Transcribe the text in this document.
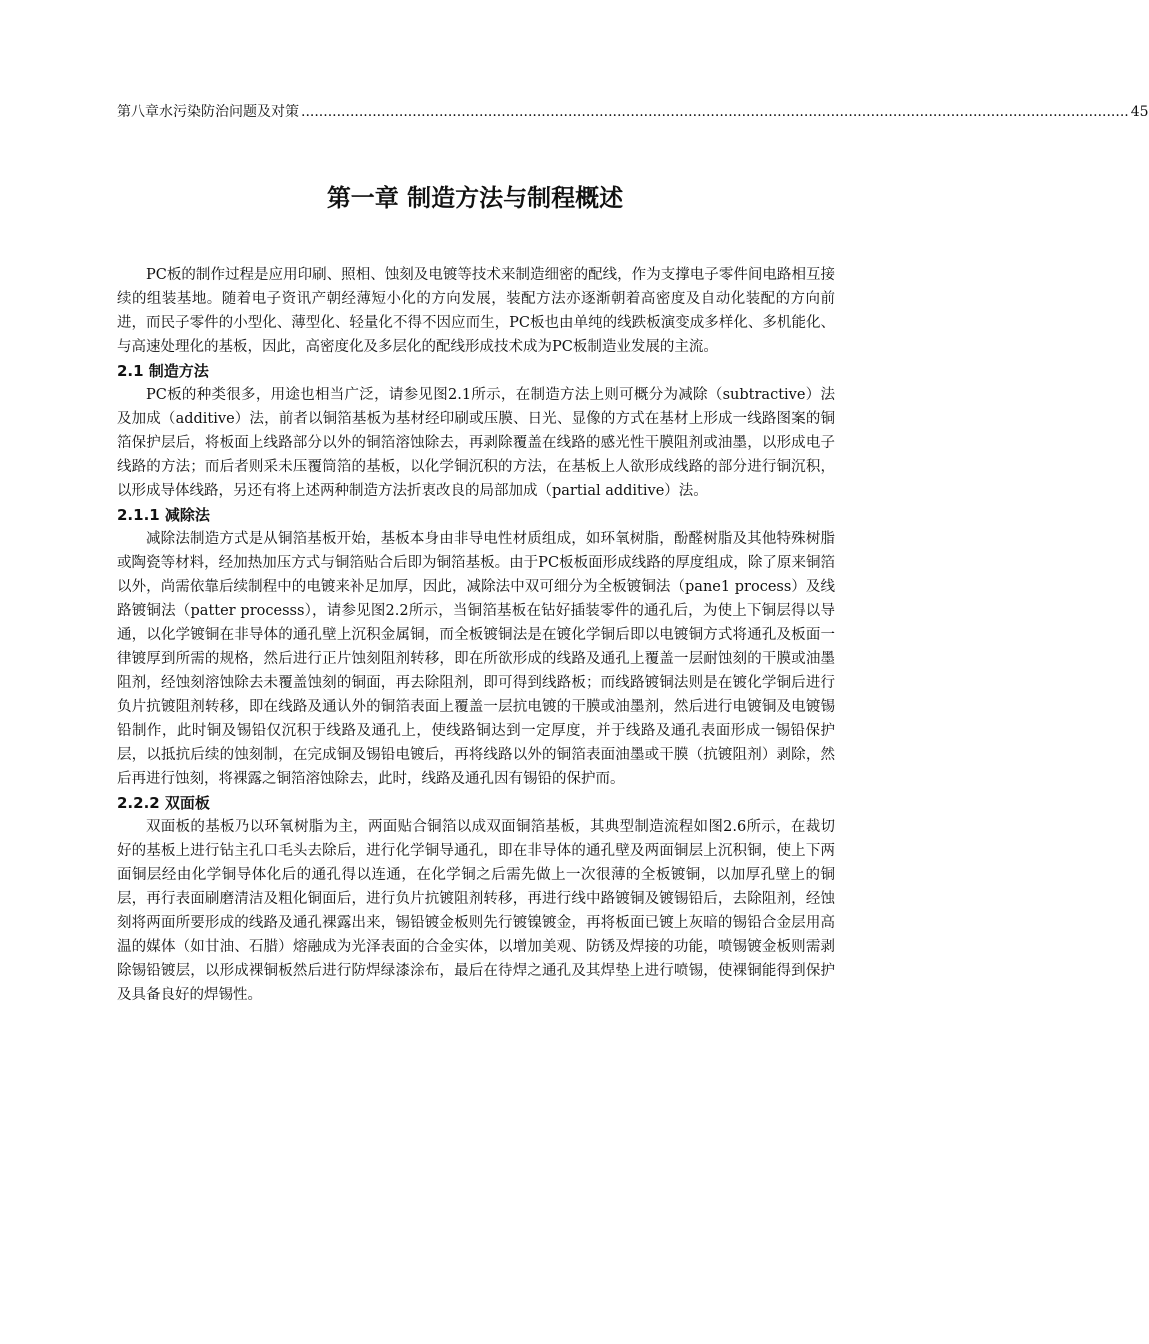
第八章 水污染防治问题及对策 .......................................................................................................................................................................................... 45
第一章 制造方法与制程概述

PC板的制作过程是应用印刷、照相、蚀刻及电镀等技术来制造细密的配线，作为支撑电子零件间电路相互接续的组装基地。随着电子资讯产朝经薄短小化的方向发展，装配方法亦逐渐朝着高密度及自动化装配的方向前进，而民子零件的小型化、薄型化、轻量化不得不因应而生，PC板也由单纯的线跌板演变成多样化、多机能化、与高速处理化的基板，因此，高密度化及多层化的配线形成技术成为PC板制造业发展的主流。

2.1 制造方法

PC板的种类很多，用途也相当广泛，请参见图2.1所示，在制造方法上则可概分为减除（subtractive）法及加成（additive）法，前者以铜箔基板为基材经印刷或压膜、日光、显像的方式在基材上形成一线路图案的铜箔保护层后，将板面上线路部分以外的铜箔溶蚀除去，再剥除覆盖在线路的感光性干膜阻剂或油墨，以形成电子线路的方法；而后者则采未压覆筒箔的基板，以化学铜沉积的方法，在基板上人欲形成线路的部分进行铜沉积，以形成导体线路，另还有将上述两种制造方法折衷改良的局部加成（partial additive）法。

2.1.1 减除法

减除法制造方式是从铜箔基板开始，基板本身由非导电性材质组成，如环氧树脂，酚醛树脂及其他特殊树脂或陶瓷等材料，经加热加压方式与铜箔贴合后即为铜箔基板。由于PC板板面形成线路的厚度组成，除了原来铜箔以外，尚需依靠后续制程中的电镀来补足加厚，因此，减除法中双可细分为全板镀铜法（pane1 process）及线路镀铜法（patter processs），请参见图2.2所示，当铜箔基板在钻好插装零件的通孔后，为使上下铜层得以导通，以化学镀铜在非导体的通孔壁上沉积金属铜，而全板镀铜法是在镀化学铜后即以电镀铜方式将通孔及板面一律镀厚到所需的规格，然后进行正片蚀刻阻剂转移，即在所欲形成的线路及通孔上覆盖一层耐蚀刻的干膜或油墨阻剂，经蚀刻溶蚀除去未覆盖蚀刻的铜面，再去除阻剂，即可得到线路板；而线路镀铜法则是在镀化学铜后进行负片抗镀阻剂转移，即在线路及通认外的铜箔表面上覆盖一层抗电镀的干膜或油墨剂，然后进行电镀铜及电镀锡铅制作，此时铜及锡铅仅沉积于线路及通孔上，使线路铜达到一定厚度，并于线路及通孔表面形成一锡铅保护层，以抵抗后续的蚀刻制，在完成铜及锡铅电镀后，再将线路以外的铜箔表面油墨或干膜（抗镀阻剂）剥除，然后再进行蚀刻，将裸露之铜箔溶蚀除去，此时，线路及通孔因有锡铅的保护而。

2.2.2 双面板

双面板的基板乃以环氧树脂为主，两面贴合铜箔以成双面铜箔基板，其典型制造流程如图2.6所示，在裁切好的基板上进行钻主孔口毛头去除后，进行化学铜导通孔，即在非导体的通孔壁及两面铜层上沉积铜，使上下两面铜层经由化学铜导体化后的通孔得以连通，在化学铜之后需先做上一次很薄的全板镀铜，以加厚孔壁上的铜层，再行表面刷磨清洁及粗化铜面后，进行负片抗镀阻剂转移，再进行线中路镀铜及镀锡铅后，去除阻剂，经蚀刻将两面所要形成的线路及通孔裸露出来，锡铅镀金板则先行镀镍镀金，再将板面已镀上灰暗的锡铅合金层用高温的媒体（如甘油、石腊）熔融成为光泽表面的合金实体，以增加美观、防锈及焊接的功能，喷锡镀金板则需剥除锡铅镀层，以形成裸铜板然后进行防焊绿漆涂布，最后在待焊之通孔及其焊垫上进行喷锡，使裸铜能得到保护及具备良好的焊锡性。
